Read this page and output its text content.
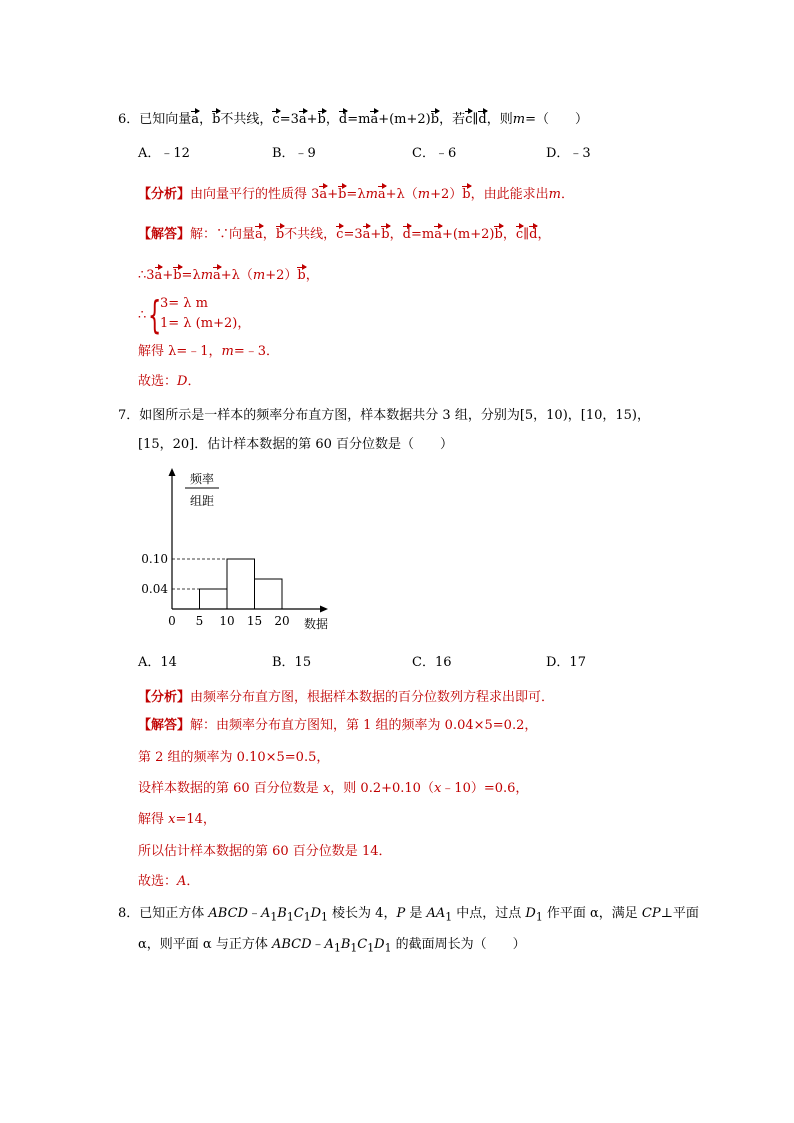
6．已知向量a，b不共线，c=3a+b，d=ma+(m+2)b，若c∥d，则m=（　　）
A．﹣12	B．﹣9	C．﹣6	D．﹣3
【分析】由向量平行的性质得 3a+b=λma+λ（m+2）b，由此能求出m．
【解答】解：∵向量a，b不共线，c=3a+b，d=ma+(m+2)b，c∥d，
∴3a+b=λma+λ（m+2）b，
∴ {
3= λ m
1= λ (m+2)，
解得 λ=﹣1，m=﹣3．
故选：D．
7．如图所示是一样本的频率分布直方图，样本数据共分 3 组，分别为[5，10)，[10，15)，
[15，20]．估计样本数据的第 60 百分位数是（　　）
0.04
0.10
0 5 10 15 20 数据
频率
组距
A．14	B．15	C．16	D．17
【分析】由频率分布直方图，根据样本数据的百分位数列方程求出即可．
【解答】解：由频率分布直方图知，第 1 组的频率为 0.04×5=0.2，
第 2 组的频率为 0.10×5=0.5，
设样本数据的第 60 百分位数是 x，则 0.2+0.10（x﹣10）=0.6，
解得 x=14，
所以估计样本数据的第 60 百分位数是 14．
故选：A．
8．已知正方体 $ABCD﹣A_1B_1C_1D_1$ 棱长为 4，P 是 $AA_1$ 中点，过点 $D_1$ 作平面 α，满足 CP⊥平面
α，则平面 α 与正方体 $ABCD﹣A_1B_1C_1D_1$ 的截面周长为（　　）
